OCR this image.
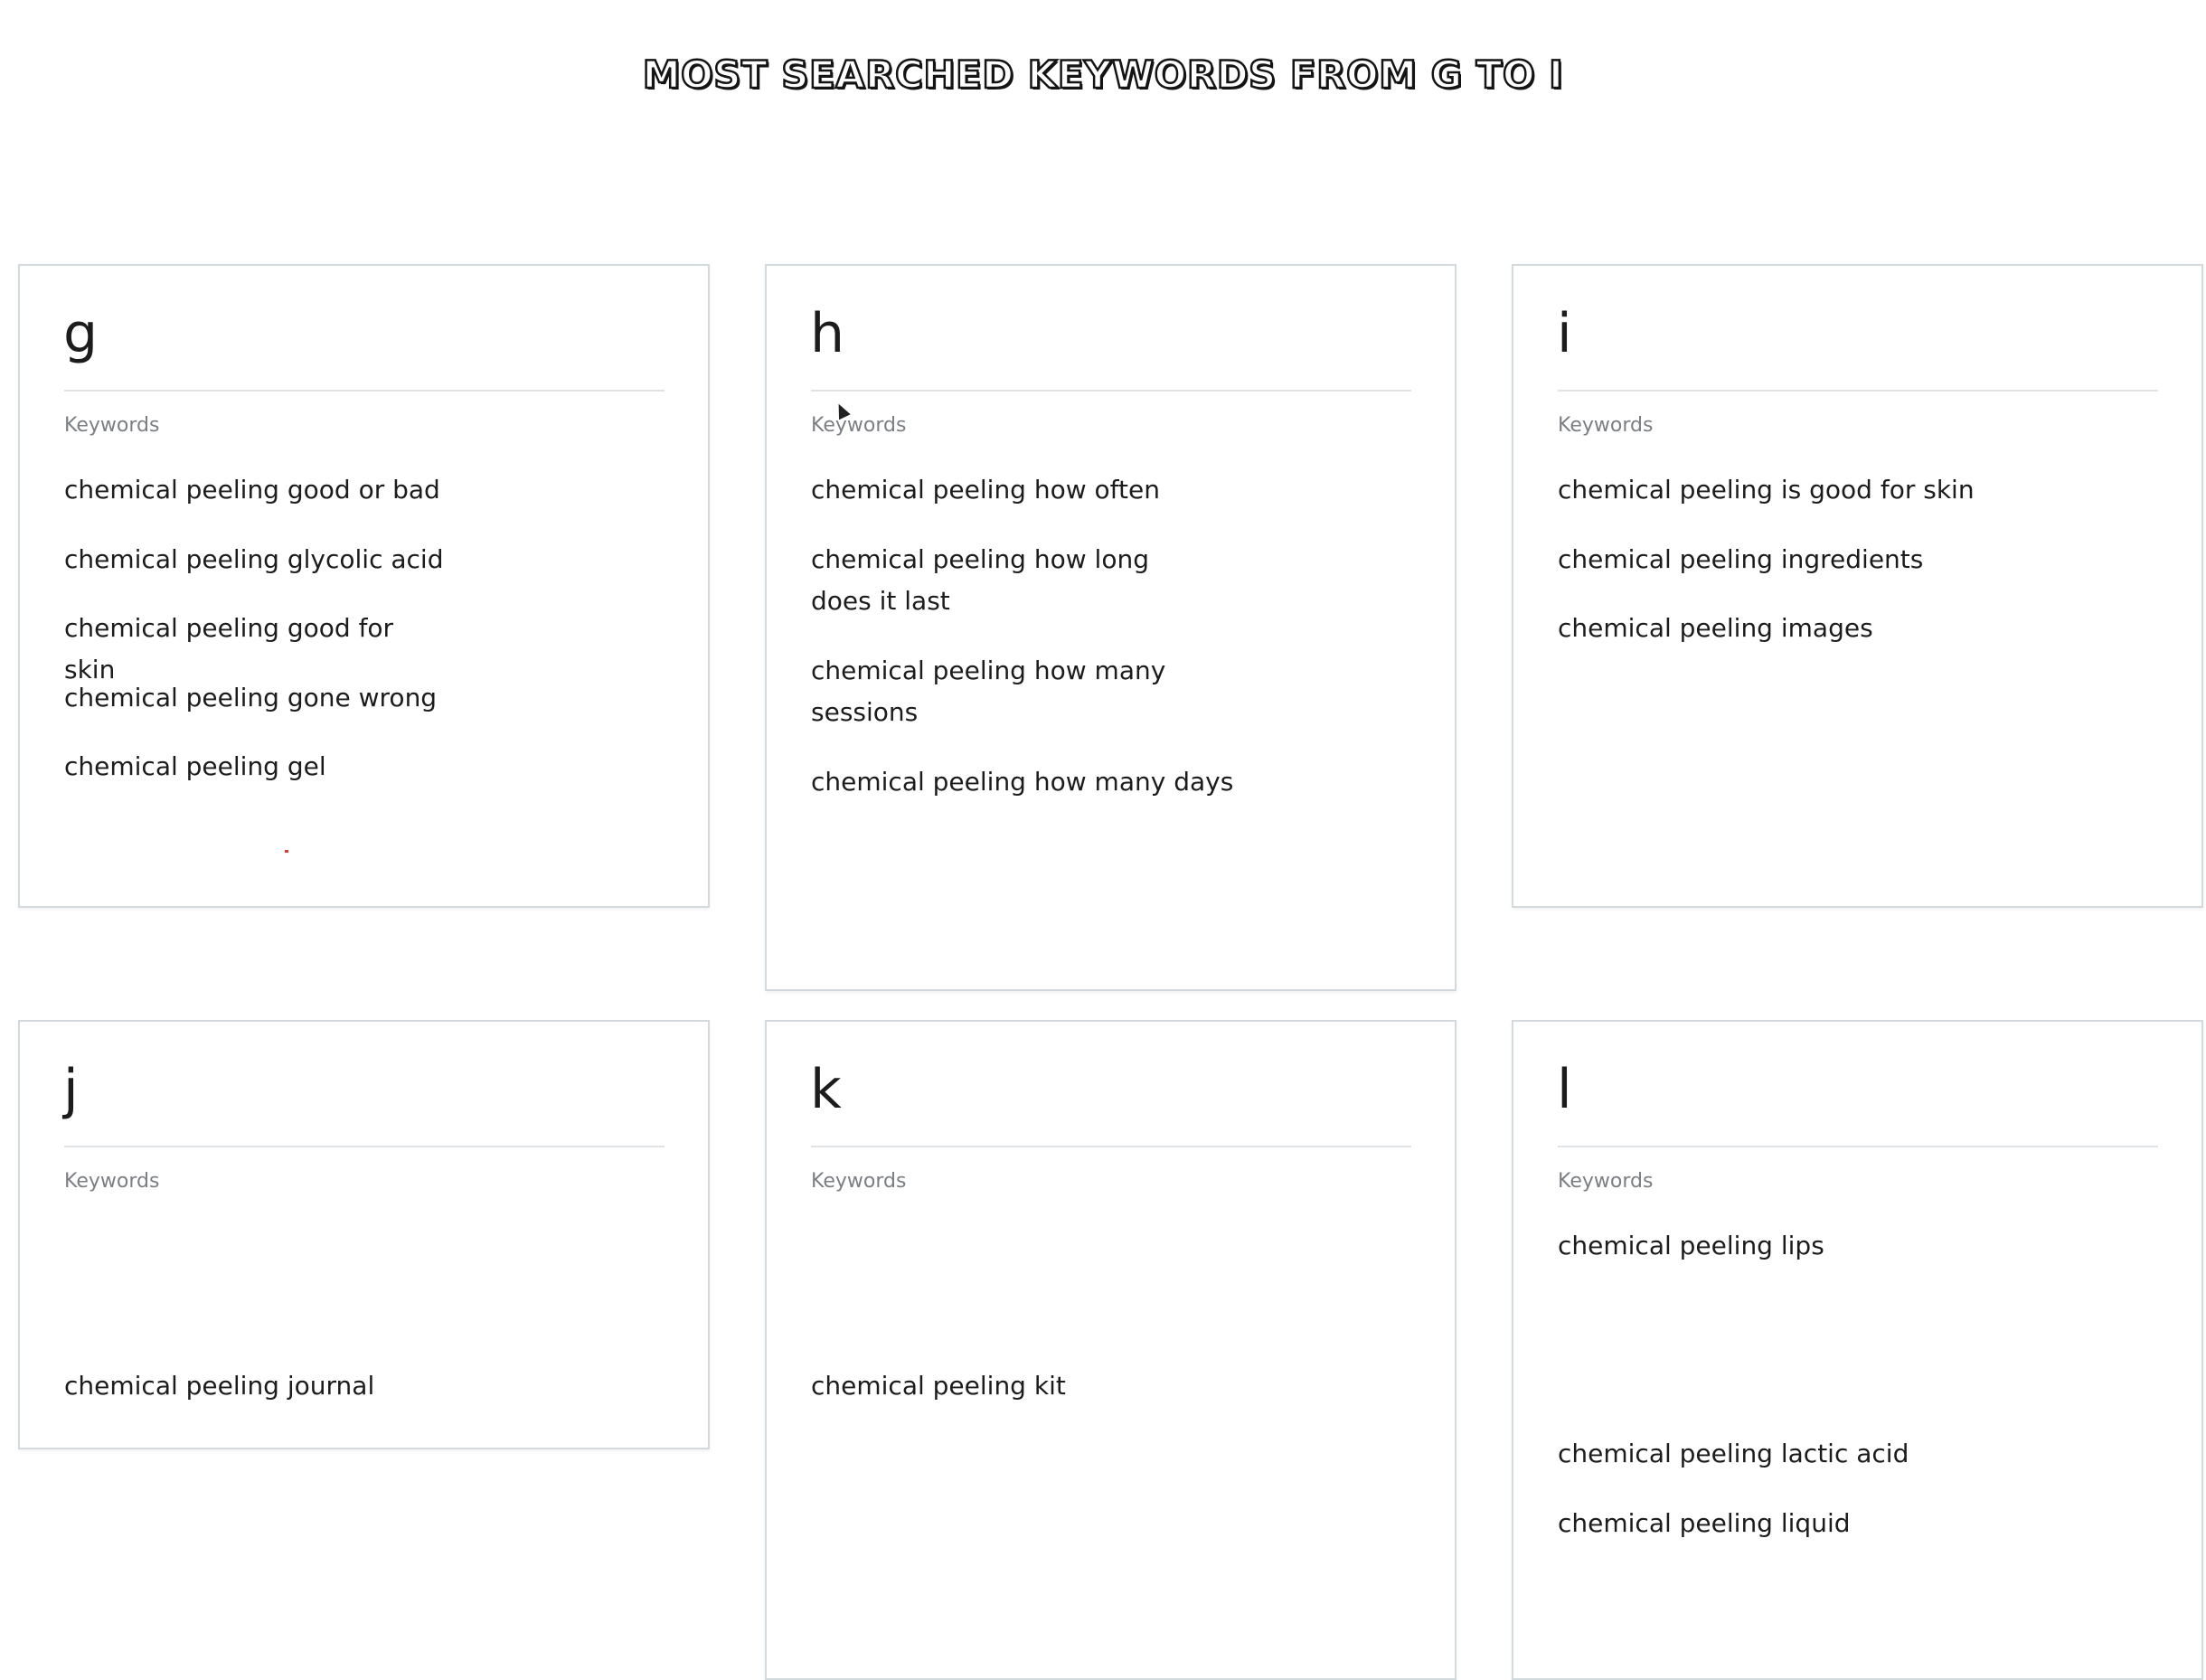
MOST SEARCHED KEYWORDS FROM G TO I
g
Keywords
chemical peeling good or bad
chemical peeling glycolic acid
chemical peeling good for skin
chemical peeling gone wrong
chemical peeling gel
h
Keywords
chemical peeling how often
chemical peeling how long does it last
chemical peeling how many sessions
chemical peeling how many days
i
Keywords
chemical peeling is good for skin
chemical peeling ingredients
chemical peeling images
j
Keywords
chemical peeling journal
k
Keywords
chemical peeling kit
l
Keywords
chemical peeling lips
chemical peeling lactic acid
chemical peeling liquid
